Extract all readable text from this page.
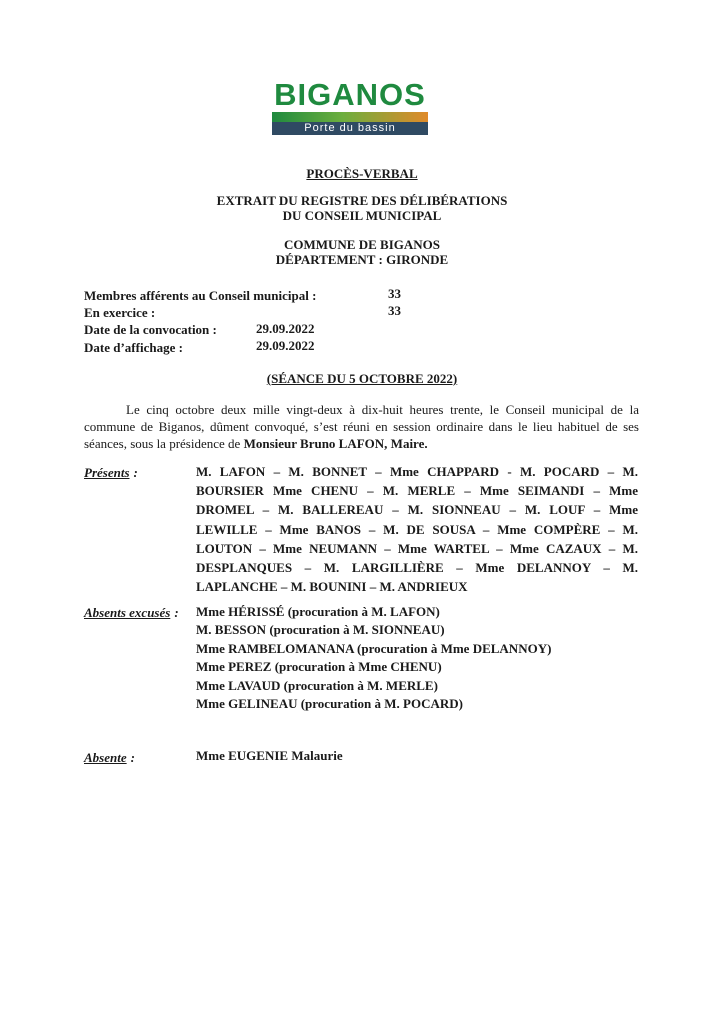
BIGANOS
Porte du bassin
PROCÈS-VERBAL
EXTRAIT DU REGISTRE DES DÉLIBÉRATIONS
DU CONSEIL MUNICIPAL
COMMUNE DE BIGANOS
DÉPARTEMENT : GIRONDE
Membres afférents au Conseil municipal :	33
En exercice :	33
Date de la convocation :	29.09.2022
Date d’affichage :	29.09.2022
(SÉANCE DU 5 OCTOBRE 2022)
Le cinq octobre deux mille vingt-deux à dix-huit heures trente, le Conseil municipal de la commune de Biganos, dûment convoqué, s’est réuni en session ordinaire dans le lieu habituel de ses séances, sous la présidence de Monsieur Bruno LAFON, Maire.
Présents :	M. LAFON – M. BONNET – Mme CHAPPARD - M. POCARD – M. BOURSIER Mme CHENU – M. MERLE – Mme SEIMANDI – Mme DROMEL – M. BALLEREAU – M. SIONNEAU – M. LOUF – Mme LEWILLE – Mme BANOS – M. DE SOUSA – Mme COMPÈRE – M. LOUTON – Mme NEUMANN – Mme WARTEL – Mme CAZAUX – M. DESPLANQUES – M. LARGILLIÈRE – Mme DELANNOY – M. LAPLANCHE – M. BOUNINI – M. ANDRIEUX
Absents excusés : Mme HÉRISSÉ (procuration à M. LAFON)
M. BESSON (procuration à M. SIONNEAU)
Mme RAMBELOMANANA (procuration à Mme DELANNOY)
Mme PEREZ (procuration à Mme CHENU)
Mme LAVAUD (procuration à M. MERLE)
Mme GELINEAU (procuration à M. POCARD)
Absente :	Mme EUGENIE Malaurie
